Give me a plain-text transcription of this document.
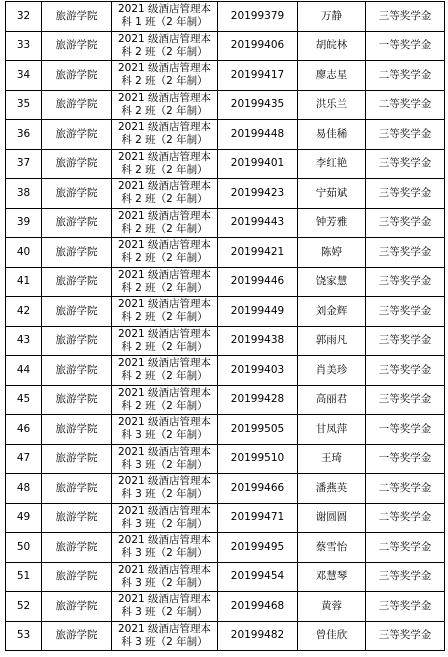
32	旅游学院	2021 级酒店管理本科 1 班（2 年制）	20199379	万静	三等奖学金
33	旅游学院	2021 级酒店管理本科 2 班（2 年制）	20199406	胡皖林	一等奖学金
34	旅游学院	2021 级酒店管理本科 2 班（2 年制）	20199417	廖志星	二等奖学金
35	旅游学院	2021 级酒店管理本科 2 班（2 年制）	20199435	洪乐兰	二等奖学金
36	旅游学院	2021 级酒店管理本科 2 班（2 年制）	20199448	易佳稀	三等奖学金
37	旅游学院	2021 级酒店管理本科 2 班（2 年制）	20199401	李红艳	三等奖学金
38	旅游学院	2021 级酒店管理本科 2 班（2 年制）	20199423	宁茹斌	三等奖学金
39	旅游学院	2021 级酒店管理本科 2 班（2 年制）	20199443	钟芳雅	三等奖学金
40	旅游学院	2021 级酒店管理本科 2 班（2 年制）	20199421	陈婷	三等奖学金
41	旅游学院	2021 级酒店管理本科 2 班（2 年制）	20199446	饶家慧	三等奖学金
42	旅游学院	2021 级酒店管理本科 2 班（2 年制）	20199449	刘金辉	三等奖学金
43	旅游学院	2021 级酒店管理本科 2 班（2 年制）	20199438	郭雨凡	三等奖学金
44	旅游学院	2021 级酒店管理本科 2 班（2 年制）	20199403	肖美珍	三等奖学金
45	旅游学院	2021 级酒店管理本科 2 班（2 年制）	20199428	高丽君	三等奖学金
46	旅游学院	2021 级酒店管理本科 3 班（2 年制）	20199505	甘凤萍	一等奖学金
47	旅游学院	2021 级酒店管理本科 3 班（2 年制）	20199510	王琦	一等奖学金
48	旅游学院	2021 级酒店管理本科 3 班（2 年制）	20199466	潘燕英	二等奖学金
49	旅游学院	2021 级酒店管理本科 3 班（2 年制）	20199471	谢圆圆	二等奖学金
50	旅游学院	2021 级酒店管理本科 3 班（2 年制）	20199495	蔡雪怡	二等奖学金
51	旅游学院	2021 级酒店管理本科 3 班（2 年制）	20199454	邓慧琴	三等奖学金
52	旅游学院	2021 级酒店管理本科 3 班（2 年制）	20199468	黄蓉	三等奖学金
53	旅游学院	2021 级酒店管理本科 3 班（2 年制）	20199482	曾佳欣	三等奖学金
